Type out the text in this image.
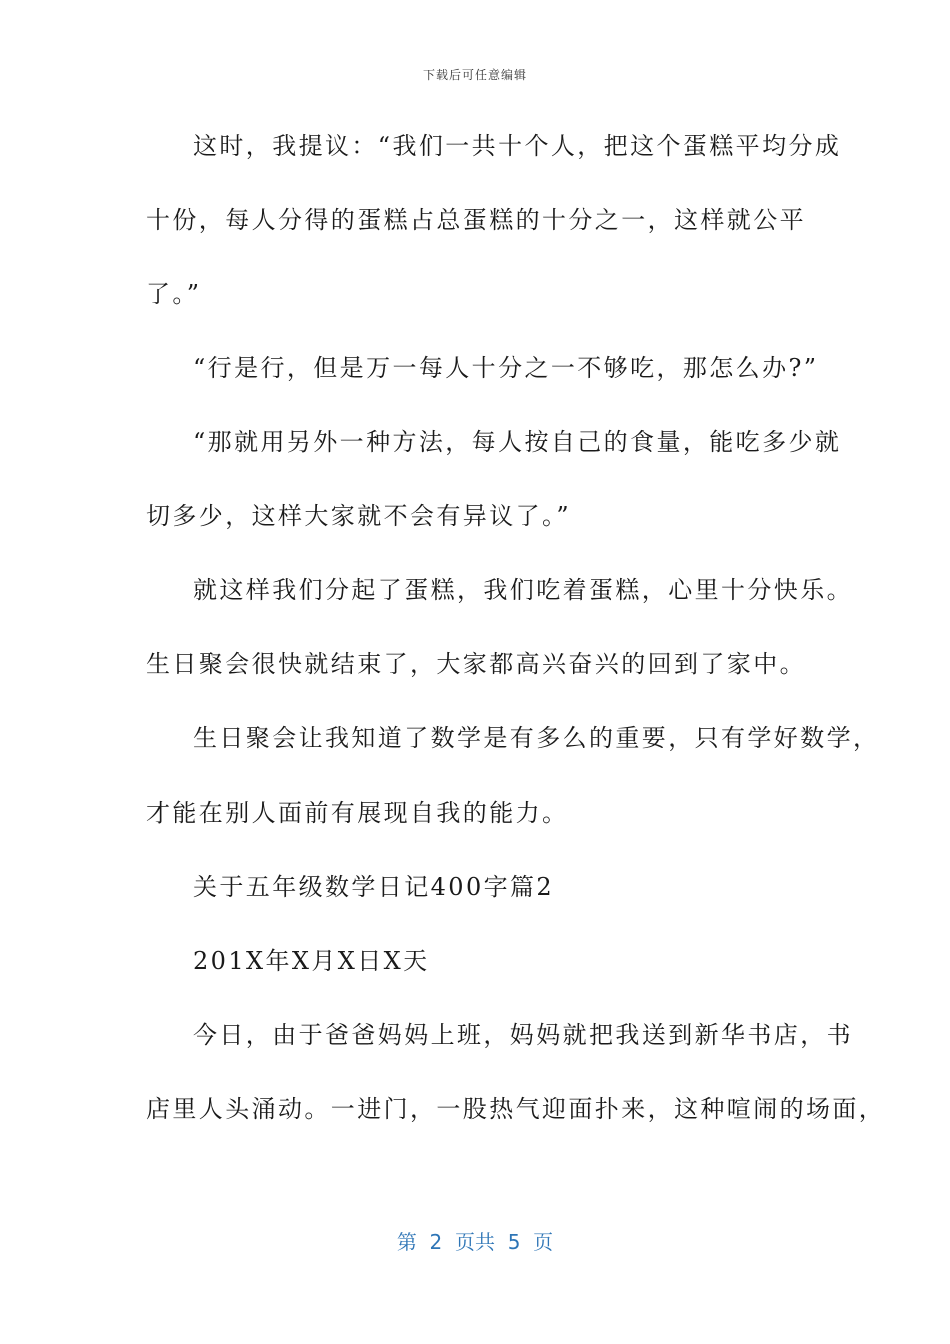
下载后可任意编辑
这时，我提议：“我们一共十个人，把这个蛋糕平均分成
十份，每人分得的蛋糕占总蛋糕的十分之一，这样就公平
了。”
“行是行，但是万一每人十分之一不够吃，那怎么办?”
“那就用另外一种方法，每人按自己的食量，能吃多少就
切多少，这样大家就不会有异议了。”
就这样我们分起了蛋糕，我们吃着蛋糕，心里十分快乐。
生日聚会很快就结束了，大家都高兴奋兴的回到了家中。
生日聚会让我知道了数学是有多么的重要，只有学好数学，
才能在别人面前有展现自我的能力。
关于五年级数学日记400字篇2
201X年X月X日X天
今日，由于爸爸妈妈上班，妈妈就把我送到新华书店，书
店里人头涌动。一进门，一股热气迎面扑来，这种喧闹的场面，
第  2  页共  5  页
